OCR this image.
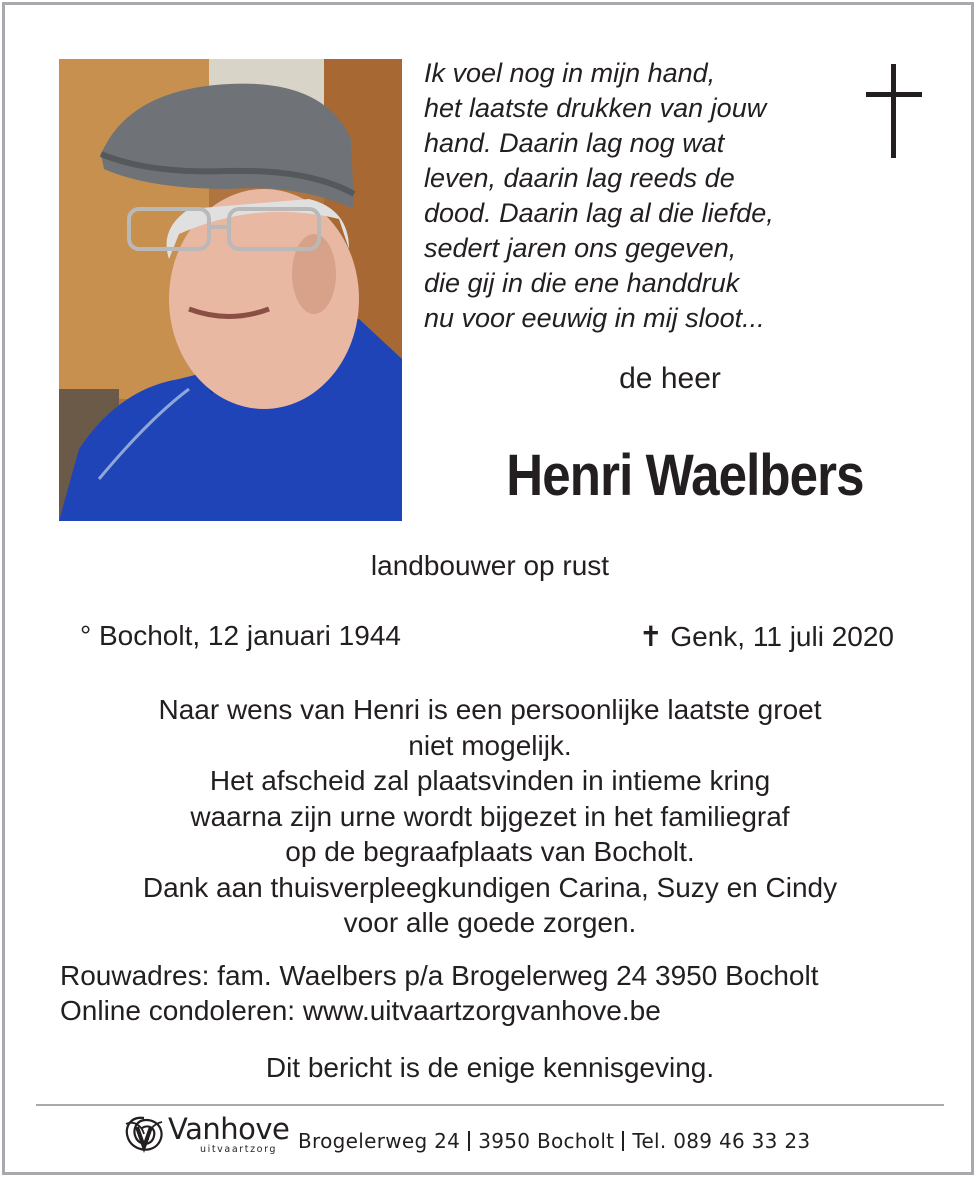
Ik voel nog in mijn hand,
het laatste drukken van jouw
hand. Daarin lag nog wat
leven, daarin lag reeds de
dood. Daarin lag al die liefde,
sedert jaren ons gegeven,
die gij in die ene handdruk
nu voor eeuwig in mij sloot...
de heer
Henri Waelbers
landbouwer op rust
° Bocholt, 12 januari 1944	✝ Genk, 11 juli 2020
Naar wens van Henri is een persoonlijke laatste groet
niet mogelijk.
Het afscheid zal plaatsvinden in intieme kring
waarna zijn urne wordt bijgezet in het familiegraf
op de begraafplaats van Bocholt.
Dank aan thuisverpleegkundigen Carina, Suzy en Cindy
voor alle goede zorgen.
Rouwadres: fam. Waelbers p/a Brogelerweg 24 3950 Bocholt
Online condoleren: www.uitvaartzorgvanhove.be
Dit bericht is de enige kennisgeving.
Vanhove
uitvaartzorg Brogelerweg 24 3950 Bocholt Tel. 089 46 33 23
